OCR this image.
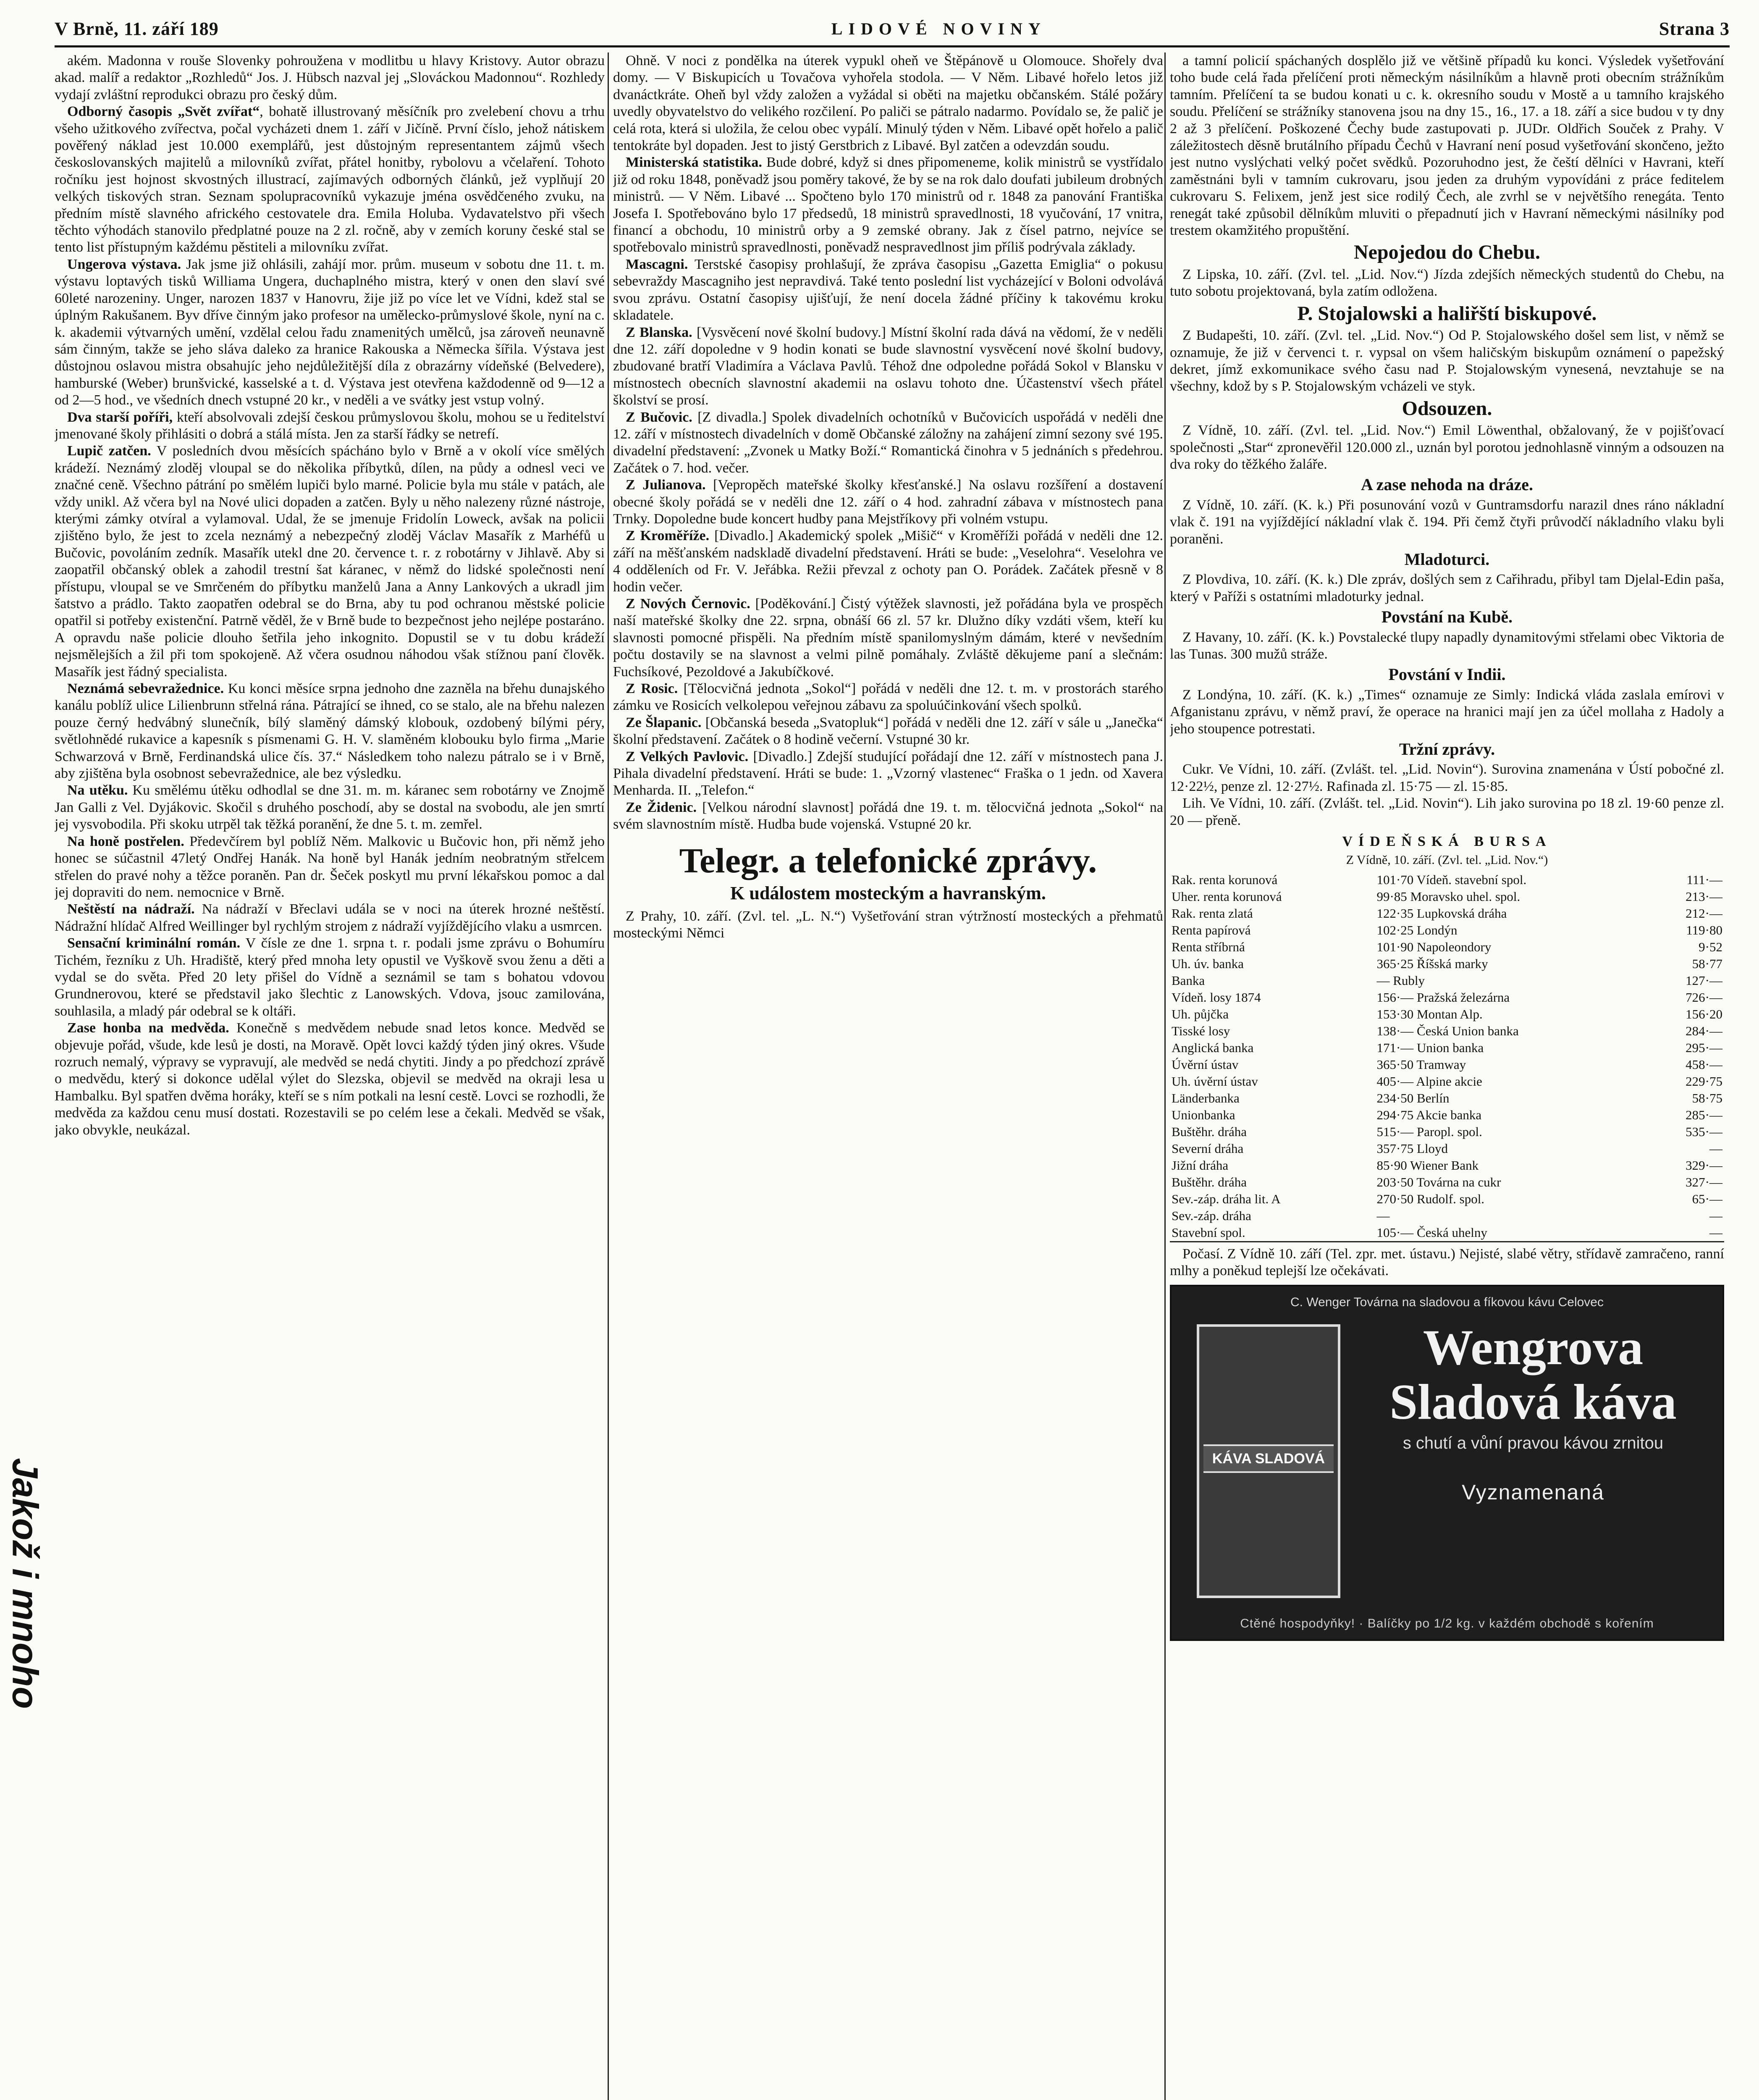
V Brně, 11. září 189	LIDOVÉ NOVINY	Strana 3
Jakož i mnoho

akém. Madonna v rouše Slovenky pohroužena v modlitbu u hlavy Kristovy. Autor obrazu akad. malíř a redaktor „Rozhledů“ Jos. J. Hübsch nazval jej „Slováckou Madonnou“. Rozhledy vydají zvláštní reprodukci obrazu pro český dům.

Odborný časopis „Svět zvířat“, bohatě illustrovaný měsíčník pro zvelebení chovu a trhu všeho užitkového zvířectva, počal vycházeti dnem 1. září v Jičíně. První číslo, jehož nátiskem pověřený náklad jest 10.000 exemplářů, jest důstojným representantem zájmů všech českoslovanských majitelů a milovníků zvířat, přátel honitby, rybolovu a včelaření. Tohoto ročníku jest hojnost skvostných illustrací, zajímavých odborných článků, jež vyplňují 20 velkých tiskových stran. Seznam spolupracovníků vykazuje jména osvědčeného zvuku, na předním místě slavného afrického cestovatele dra. Emila Holuba. Vydavatelstvo při všech těchto výhodách stanovilo předplatné pouze na 2 zl. ročně, aby v zemích koruny české stal se tento list přístupným každému pěstiteli a milovníku zvířat.

Ungerova výstava. Jak jsme již ohlásili, zahájí mor. prům. museum v sobotu dne 11. t. m. výstavu loptavých tisků Williama Ungera, duchaplného mistra, který v onen den slaví své 60leté narozeniny. Unger, narozen 1837 v Hanovru, žije již po více let ve Vídni, kdež stal se úplným Rakušanem. Byv dříve činným jako profesor na umělecko-průmyslové škole, nyní na c. k. akademii výtvarných umění, vzdělal celou řadu znamenitých umělců, jsa zároveň neunavně sám činným, takže se jeho sláva daleko za hranice Rakouska a Německa šířila. Výstava jest důstojnou oslavou mistra obsahujíc jeho nejdůležitější díla z obrazárny vídeňské (Belvedere), hamburské (Weber) brunšvické, kasselské a t. d. Výstava jest otevřena každodenně od 9—12 a od 2—5 hod., ve všedních dnech vstupné 20 kr., v neděli a ve svátky jest vstup volný.

Dva starší poříři, kteří absolvovali zdejší českou průmyslovou školu, mohou se u ředitelství jmenované školy přihlásiti o dobrá a stálá místa. Jen za starší řádky se netrefí.

Lupič zatčen. V posledních dvou měsících spácháno bylo v Brně a v okolí více smělých krádeží. Neznámý zloděj vloupal se do několika příbytků, dílen, na půdy a odnesl veci ve značné ceně. Všechno pátrání po smělém lupiči bylo marné. Policie byla mu stále v patách, ale vždy unikl. Až včera byl na Nové ulici dopaden a zatčen. Byly u něho nalezeny různé nástroje, kterými zámky otvíral a vylamoval. Udal, že se jmenuje Fridolín Loweck, avšak na policii zjištěno bylo, že jest to zcela neznámý a nebezpečný zloděj Václav Masařík z Marhéfů u Bučovic, povoláním zedník. Masařík utekl dne 20. července t. r. z robotárny v Jihlavě. Aby si zaopatřil občanský oblek a zahodil trestní šat káranec, v němž do lidské společnosti není přístupu, vloupal se ve Smrčeném do příbytku manželů Jana a Anny Lankových a ukradl jim šatstvo a prádlo. Takto zaopatřen odebral se do Brna, aby tu pod ochranou městské policie opatřil si potřeby existenční. Patrně věděl, že v Brně bude to bezpečnost jeho nejlépe postaráno. A opravdu naše policie dlouho šetřila jeho inkognito. Dopustil se v tu dobu krádeží nejsmělejších a žil při tom spokojeně. Až včera osudnou náhodou však stížnou paní člověk. Masařík jest řádný specialista.

Neznámá sebevražednice. Ku konci měsíce srpna jednoho dne zazněla na břehu dunajského kanálu poblíž ulice Lilienbrunn střelná rána. Pátrající se ihned, co se stalo, ale na břehu nalezen pouze černý hedvábný slunečník, bílý slaměný dámský klobouk, ozdobený bílými péry, světlohnědé rukavice a kapesník s písmenami G. H. V. slaměném klobouku bylo firma „Marie Schwarzová v Brně, Ferdinandská ulice čís. 37.“ Následkem toho nalezu pátralo se i v Brně, aby zjištěna byla osobnost sebevražednice, ale bez výsledku.

Na utěku. Ku smělému útěku odhodlal se dne 31. m. m. káranec sem robotárny ve Znojmě Jan Galli z Vel. Dyjákovic. Skočil s druhého poschodí, aby se dostal na svobodu, ale jen smrtí jej vysvobodila. Při skoku utrpěl tak těžká poranění, že dne 5. t. m. zemřel.

Na honě postřelen. Předevčírem byl poblíž Něm. Malkovic u Bučovic hon, při němž jeho honec se súčastnil 47letý Ondřej Hanák. Na honě byl Hanák jedním neobratným střelcem střelen do pravé nohy a těžce poraněn. Pan dr. Šeček poskytl mu první lékařskou pomoc a dal jej dopraviti do nem. nemocnice v Brně.

Neštěstí na nádraží. Na nádraží v Břeclavi udála se v noci na úterek hrozné neštěstí. Nádražní hlídač Alfred Weillinger byl rychlým strojem z nádraží vyjíždějícího vlaku a usmrcen.

Sensační kriminální román. V čísle ze dne 1. srpna t. r. podali jsme zprávu o Bohumíru Tichém, řezníku z Uh. Hradiště, který před mnoha lety opustil ve Vyškově svou ženu a děti a vydal se do světa. Před 20 lety přišel do Vídně a seznámil se tam s bohatou vdovou Grundnerovou, které se představil jako šlechtic z Lanowských. Vdova, jsouc zamilována, souhlasila, a mladý pár odebral se k oltáři.

Zase honba na medvěda. Konečně s medvědem nebude snad letos konce. Medvěd se objevuje pořád, všude, kde lesů je dosti, na Moravě. Opět lovci každý týden jiný okres. Všude rozruch nemalý, výpravy se vypravují, ale medvěd se nedá chytiti. Jindy a po předchozí zprávě o medvědu, který si dokonce udělal výlet do Slezska, objevil se medvěd na okraji lesa u Hambalku. Byl spatřen dvěma horáky, kteří se s ním potkali na lesní cestě. Lovci se rozhodli, že medvěda za každou cenu musí dostati. Rozestavili se po celém lese a čekali. Medvěd se však, jako obvykle, neukázal.

Ohně. V noci z pondělka na úterek vypukl oheň ve Štěpánově u Olomouce. Shořely dva domy. — V Biskupicích u Tovačova vyhořela stodola. — V Něm. Libavé hořelo letos již dvanáctkráte. Oheň byl vždy založen a vyžádal si oběti na majetku občanském. Stálé požáry uvedly obyvatelstvo do velikého rozčilení. Po paliči se pátralo nadarmo. Povídalo se, že palič je celá rota, která si uložila, že celou obec vypálí. Minulý týden v Něm. Libavé opět hořelo a palič tentokráte byl dopaden. Jest to jistý Gerstbrich z Libavé. Byl zatčen a odevzdán soudu.

Ministerská statistika. Bude dobré, když si dnes připomeneme, kolik ministrů se vystřídalo již od roku 1848, poněvadž jsou poměry takové, že by se na rok dalo doufati jubileum drobných ministrů. — V Něm. Libavé ... Spočteno bylo 170 ministrů od r. 1848 za panování Františka Josefa I. Spotřebováno bylo 17 předsedů, 18 ministrů spravedlnosti, 18 vyučování, 17 vnitra, financí a obchodu, 10 ministrů orby a 9 zemské obrany. Jak z čísel patrno, nejvíce se spotřebovalo ministrů spravedlnosti, poněvadž nespravedlnost jim příliš podrývala základy.

Mascagni. Terstské časopisy prohlašují, že zpráva časopisu „Gazetta Emiglia“ o pokusu sebevraždy Mascagniho jest nepravdivá. Také tento poslední list vycházející v Boloni odvolává svou zprávu. Ostatní časopisy ujišťují, že není docela žádné příčiny k takovému kroku skladatele.

Z Blanska. [Vysvěcení nové školní budovy.] Místní školní rada dává na vědomí, že v neděli dne 12. září dopoledne v 9 hodin konati se bude slavnostní vysvěcení nové školní budovy, zbudované bratří Vladimíra a Václava Pavlů. Téhož dne odpoledne pořádá Sokol v Blansku v místnostech obecních slavnostní akademii na oslavu tohoto dne. Účastenství všech přátel školství se prosí.

Z Bučovic. [Z divadla.] Spolek divadelních ochotníků v Bučovicích uspořádá v neděli dne 12. září v místnostech divadelních v domě Občanské záložny na zahájení zimní sezony své 195. divadelní představení: „Zvonek u Matky Boží.“ Romantická činohra v 5 jednáních s předehrou. Začátek o 7. hod. večer.

Z Julianova. [Vepropěch mateřské školky křesťanské.] Na oslavu rozšíření a dostavení obecné školy pořádá se v neděli dne 12. září o 4 hod. zahradní zábava v místnostech pana Trnky. Dopoledne bude koncert hudby pana Mejstříkovy při volném vstupu.

Z Kroměříže. [Divadlo.] Akademický spolek „Mišič“ v Kroměříži pořádá v neděli dne 12. září na měšťanském nadskladě divadelní představení. Hráti se bude: „Veselohra“. Veselohra ve 4 odděleních od Fr. V. Jeřábka. Režii převzal z ochoty pan O. Porádek. Začátek přesně v 8 hodin večer.

Z Nových Černovic. [Poděkování.] Čistý výtěžek slavnosti, jež pořádána byla ve prospěch naší mateřské školky dne 22. srpna, obnáší 66 zl. 57 kr. Dlužno díky vzdáti všem, kteří ku slavnosti pomocné přispěli. Na předním místě spanilomyslným dámám, které v nevšedním počtu dostavily se na slavnost a velmi pilně pomáhaly. Zvláště děkujeme paní a slečnám: Fuchsíkové, Pezoldové a Jakubíčkové.

Z Rosic. [Tělocvičná jednota „Sokol“] pořádá v neděli dne 12. t. m. v prostorách starého zámku ve Rosicích velkolepou veřejnou zábavu za spoluúčinkování všech spolků.

Ze Šlapanic. [Občanská beseda „Svatopluk“] pořádá v neděli dne 12. září v sále u „Janečka“ školní představení. Začátek o 8 hodině večerní. Vstupné 30 kr.

Z Velkých Pavlovic. [Divadlo.] Zdejší studující pořádají dne 12. září v místnostech pana J. Pihala divadelní představení. Hráti se bude: 1. „Vzorný vlastenec“ Fraška o 1 jedn. od Xavera Menharda. II. „Telefon.“

Ze Židenic. [Velkou národní slavnost] pořádá dne 19. t. m. tělocvičná jednota „Sokol“ na svém slavnostním místě. Hudba bude vojenská. Vstupné 20 kr.

Telegr. a telefonické zprávy.
K událostem mosteckým a havranským.

Z Prahy, 10. září. (Zvl. tel. „L. N.“) Vyšetřování stran výtržností mosteckých a přehmatů mosteckými Němci

a tamní policií spáchaných dosplělo již ve většině případů ku konci. Výsledek vyšetřování toho bude celá řada přelíčení proti německým násilníkům a hlavně proti obecním strážníkům tamním. Přelíčení ta se budou konati u c. k. okresního soudu v Mostě a u tamního krajského soudu. Přelíčení se strážníky stanovena jsou na dny 15., 16., 17. a 18. září a sice budou v ty dny 2 až 3 přelíčení. Poškozené Čechy bude zastupovati p. JUDr. Oldřich Souček z Prahy. V záležitostech děsně brutálního případu Čechů v Havraní není posud vyšetřování skončeno, ježto jest nutno vyslýchati velký počet svědků. Pozoruhodno jest, že čeští dělníci v Havrani, kteří zaměstnáni byli v tamním cukrovaru, jsou jeden za druhým vypovídáni z práce feditelem cukrovaru S. Felixem, jenž jest sice rodilý Čech, ale zvrhl se v největšího renegáta. Tento renegát také způsobil dělníkům mluviti o přepadnutí jich v Havraní německými násilníky pod trestem okamžitého propuštění.

Nepojedou do Chebu.

Z Lipska, 10. září. (Zvl. tel. „Lid. Nov.“) Jízda zdejších německých studentů do Chebu, na tuto sobotu projektovaná, byla zatím odložena.

P. Stojalowski a haliřští biskupové.

Z Budapešti, 10. září. (Zvl. tel. „Lid. Nov.“) Od P. Stojalowského došel sem list, v němž se oznamuje, že již v červenci t. r. vypsal on všem haličským biskupům oznámení o papežský dekret, jímž exkomunikace svého času nad P. Stojalowským vynesená, nevztahuje se na všechny, kdož by s P. Stojalowským vcházeli ve styk.

Odsouzen.

Z Vídně, 10. září. (Zvl. tel. „Lid. Nov.“) Emil Löwenthal, obžalovaný, že v pojišťovací společnosti „Star“ zpronevěřil 120.000 zl., uznán byl porotou jednohlasně vinným a odsouzen na dva roky do těžkého žaláře.

A zase nehoda na dráze.

Z Vídně, 10. září. (K. k.) Při posunování vozů v Guntramsdorfu narazil dnes ráno nákladní vlak č. 191 na vyjíždějící nákladní vlak č. 194. Při čemž čtyři průvodčí nákladního vlaku byli poraněni.

Mladoturci.

Z Plovdiva, 10. září. (K. k.) Dle zpráv, došlých sem z Cařihradu, přibyl tam Djelal-Edin paša, který v Paříži s ostatními mladoturky jednal.

Povstání na Kubě.

Z Havany, 10. září. (K. k.) Povstalecké tlupy napadly dynamitovými střelami obec Viktoria de las Tunas. 300 mužů stráže.

Povstání v Indii.

Z Londýna, 10. září. (K. k.) „Times“ oznamuje ze Simly: Indická vláda zaslala emírovi v Afganistanu zprávu, v němž praví, že operace na hranici mají jen za účel mollaha z Hadoly a jeho stoupence potrestati.

Tržní zprávy.

Cukr. Ve Vídni, 10. září. (Zvlášt. tel. „Lid. Novin“). Surovina znamenána v Ústí pobočné zl. 12·22½, penze zl. 12·27½. Rafinada zl. 15·75 — zl. 15·85.

Lih. Ve Vídni, 10. září. (Zvlášt. tel. „Lid. Novin“). Lih jako surovina po 18 zl. 19·60 penze zl. 20 — přeně.

VÍDEŇSKÁ BURSA
Z Vídně, 10. září. (Zvl. tel. „Lid. Nov.“)
Rak. renta korunová	101·70 Vídeň. stavební spol.	111·—
Uher. renta korunová	99·85 Moravsko uhel. spol.	213·—
Rak. renta zlatá	122·35 Lupkovská dráha	212·—
Renta papírová	102·25 Londýn	119·80
Renta stříbrná	101·90 Napoleondory	9·52
Uh. úv. banka	365·25 Říšská marky	58·77
Banka	— Rubly	127·—
Vídeň. losy 1874	156·— Pražská železárna	726·—
Uh. půjčka	153·30 Montan Alp.	156·20
Tisské losy	138·— Česká Union banka	284·—
Anglická banka	171·— Union banka	295·—
Úvěrní ústav	365·50 Tramway	458·—
Uh. úvěrní ústav	405·— Alpine akcie	229·75
Länderbanka	234·50 Berlín	58·75
Unionbanka	294·75 Akcie banka	285·—
Buštěhr. dráha	515·— Paropl. spol.	535·—
Severní dráha	357·75 Lloyd	—
Jižní dráha	85·90 Wiener Bank	329·—
Buštěhr. dráha	203·50 Továrna na cukr	327·—
Sev.-záp. dráha lit. A	270·50 Rudolf. spol.	65·—
Sev.-záp. dráha	—	—
Stavební spol.	105·— Česká uhelny	—

Počasí. Z Vídně 10. září (Tel. zpr. met. ústavu.) Nejisté, slabé větry, střídavě zamračeno, ranní mlhy a poněkud teplejší lze očekávati.

C. Wenger Továrna na sladovou a fíkovou kávu Celovec
KÁVA SLADOVÁ
Wengrova Sladová káva
s chutí a vůní pravou kávou zrnitou
Vyznamenaná
Ctěné hospodyňky! · Balíčky po 1/2 kg. v každém obchodě s kořením
